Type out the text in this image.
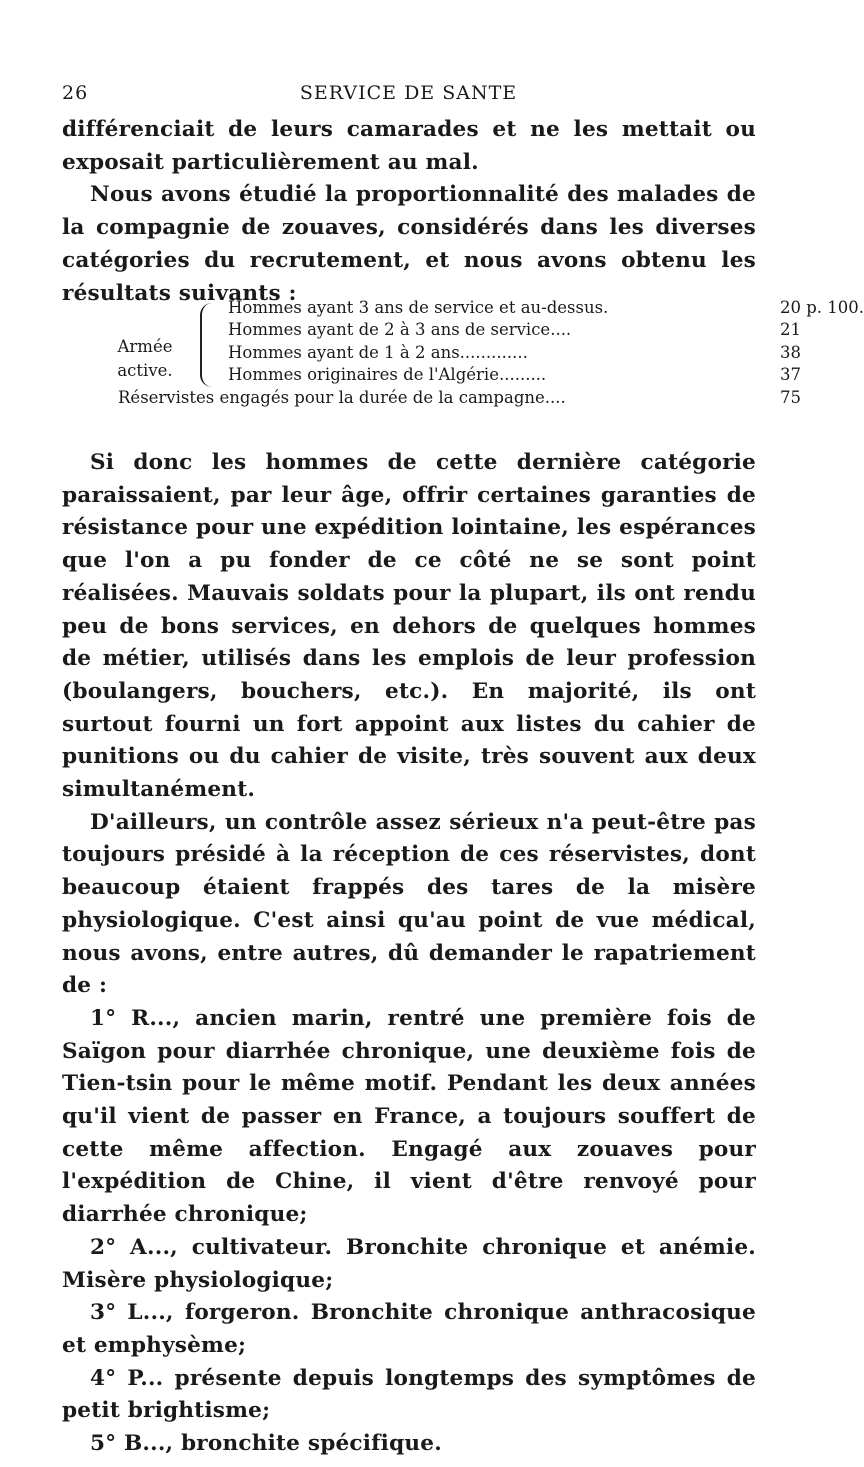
26	SERVICE DE SANTE

différenciait de leurs camarades et ne les mettait ou exposait particulièrement au mal.

Nous avons étudié la proportionnalité des malades de la compagnie de zouaves, considérés dans les diverses catégories du recrutement, et nous avons obtenu les résultats suivants :

Armée
active.
Hommes ayant 3 ans de service et au-dessus.	20 p. 100.
Hommes ayant de 2 à 3 ans de service....	21
Hommes ayant de 1 à 2 ans.............	38
Hommes originaires de l'Algérie.........	37
Réservistes engagés pour la durée de la campagne....	75

Si donc les hommes de cette dernière catégorie paraissaient, par leur âge, offrir certaines garanties de résistance pour une expédition lointaine, les espérances que l'on a pu fonder de ce côté ne se sont point réalisées. Mauvais soldats pour la plupart, ils ont rendu peu de bons services, en dehors de quelques hommes de métier, utilisés dans les emplois de leur profession (boulangers, bouchers, etc.). En majorité, ils ont surtout fourni un fort appoint aux listes du cahier de punitions ou du cahier de visite, très souvent aux deux simultanément.

D'ailleurs, un contrôle assez sérieux n'a peut-être pas toujours présidé à la réception de ces réservistes, dont beaucoup étaient frappés des tares de la misère physiologique. C'est ainsi qu'au point de vue médical, nous avons, entre autres, dû demander le rapatriement de :

1° R..., ancien marin, rentré une première fois de Saïgon pour diarrhée chronique, une deuxième fois de Tien-tsin pour le même motif. Pendant les deux années qu'il vient de passer en France, a toujours souffert de cette même affection. Engagé aux zouaves pour l'expédition de Chine, il vient d'être renvoyé pour diarrhée chronique;

2° A..., cultivateur. Bronchite chronique et anémie. Misère physiologique;

3° L..., forgeron. Bronchite chronique anthracosique et emphysème;

4° P... présente depuis longtemps des symptômes de petit brightisme;

5° B..., bronchite spécifique.
